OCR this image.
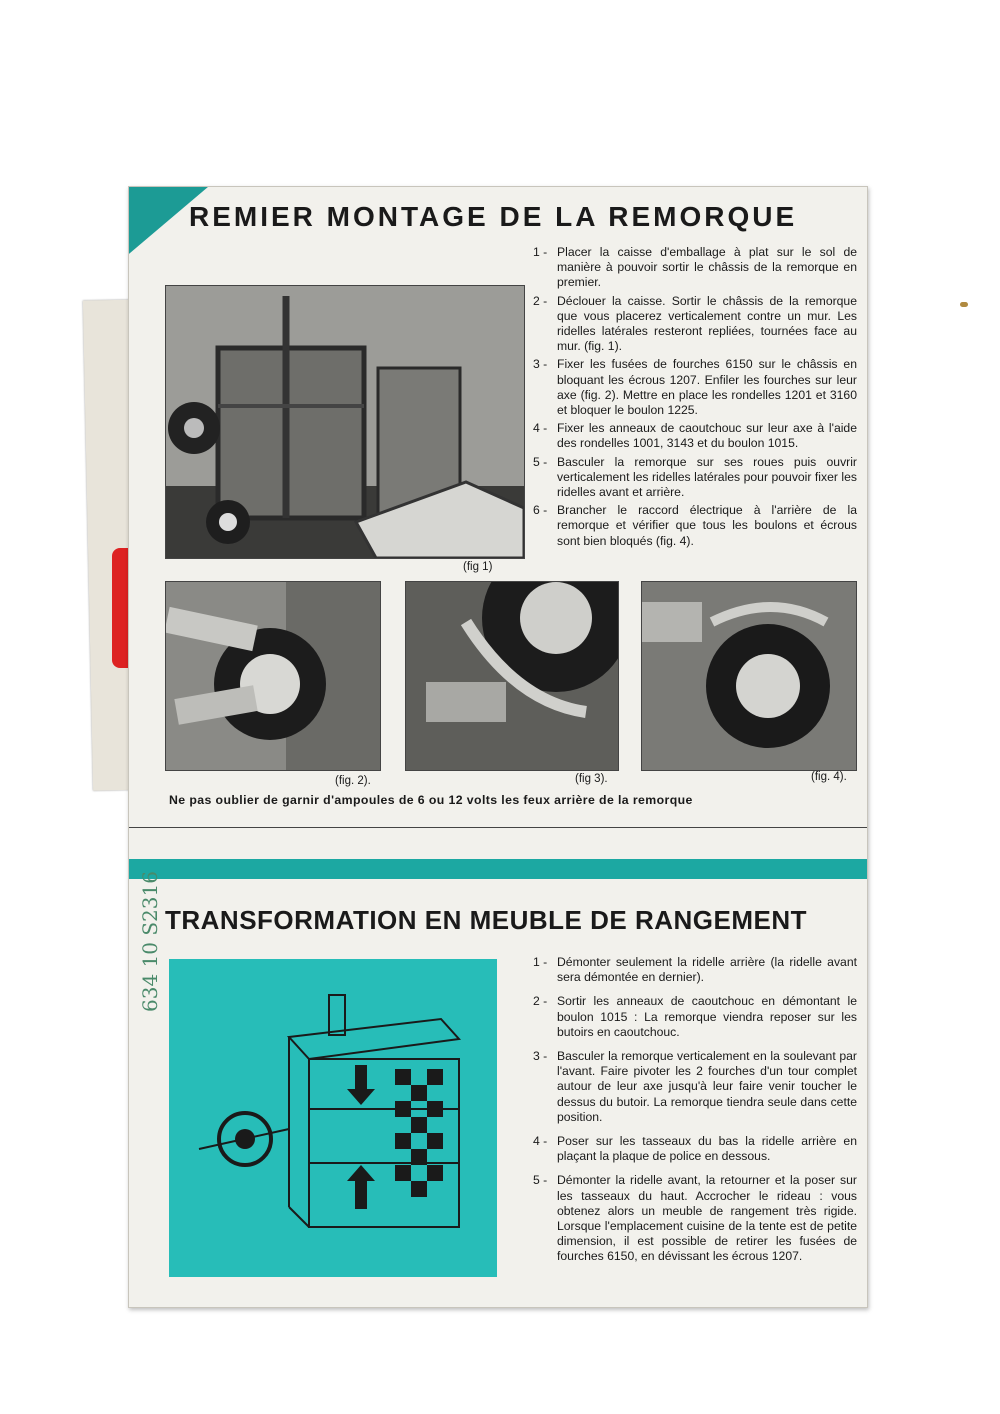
REMIER MONTAGE DE LA REMORQUE
(fig 1)
1 - Placer la caisse d'emballage à plat sur le sol de manière à pouvoir sortir le châssis de la remorque en premier.
2 - Déclouer la caisse. Sortir le châssis de la remorque que vous placerez verticalement contre un mur. Les ridelles latérales resteront repliées, tournées face au mur. (fig. 1).
3 - Fixer les fusées de fourches 6150 sur le châssis en bloquant les écrous 1207. Enfiler les fourches sur leur axe (fig. 2). Mettre en place les rondelles 1201 et 3160 et bloquer le boulon 1225.
4 - Fixer les anneaux de caoutchouc sur leur axe à l'aide des rondelles 1001, 3143 et du boulon 1015.
5 - Basculer la remorque sur ses roues puis ouvrir verticalement les ridelles latérales pour pouvoir fixer les ridelles avant et arrière.
6 - Brancher le raccord électrique à l'arrière de la remorque et vérifier que tous les boulons et écrous sont bien bloqués (fig. 4).
(fig. 2).	(fig 3).	(fig. 4).
Ne pas oublier de garnir d'ampoules de 6 ou 12 volts les feux arrière de la remorque
TRANSFORMATION EN MEUBLE DE RANGEMENT
1 - Démonter seulement la ridelle arrière (la ridelle avant sera démontée en dernier).
2 - Sortir les anneaux de caoutchouc en démontant le boulon 1015 : La remorque viendra reposer sur les butoirs en caoutchouc.
3 - Basculer la remorque verticalement en la soulevant par l'avant. Faire pivoter les 2 fourches d'un tour complet autour de leur axe jusqu'à leur faire venir toucher le dessus du butoir. La remorque tiendra seule dans cette position.
4 - Poser sur les tasseaux du bas la ridelle arrière en plaçant la plaque de police en dessous.
5 - Démonter la ridelle avant, la retourner et la poser sur les tasseaux du haut. Accrocher le rideau : vous obtenez alors un meuble de rangement très rigide. Lorsque l'emplacement cuisine de la tente est de petite dimension, il est possible de retirer les fusées de fourches 6150, en dévissant les écrous 1207.
634 10 S2316
